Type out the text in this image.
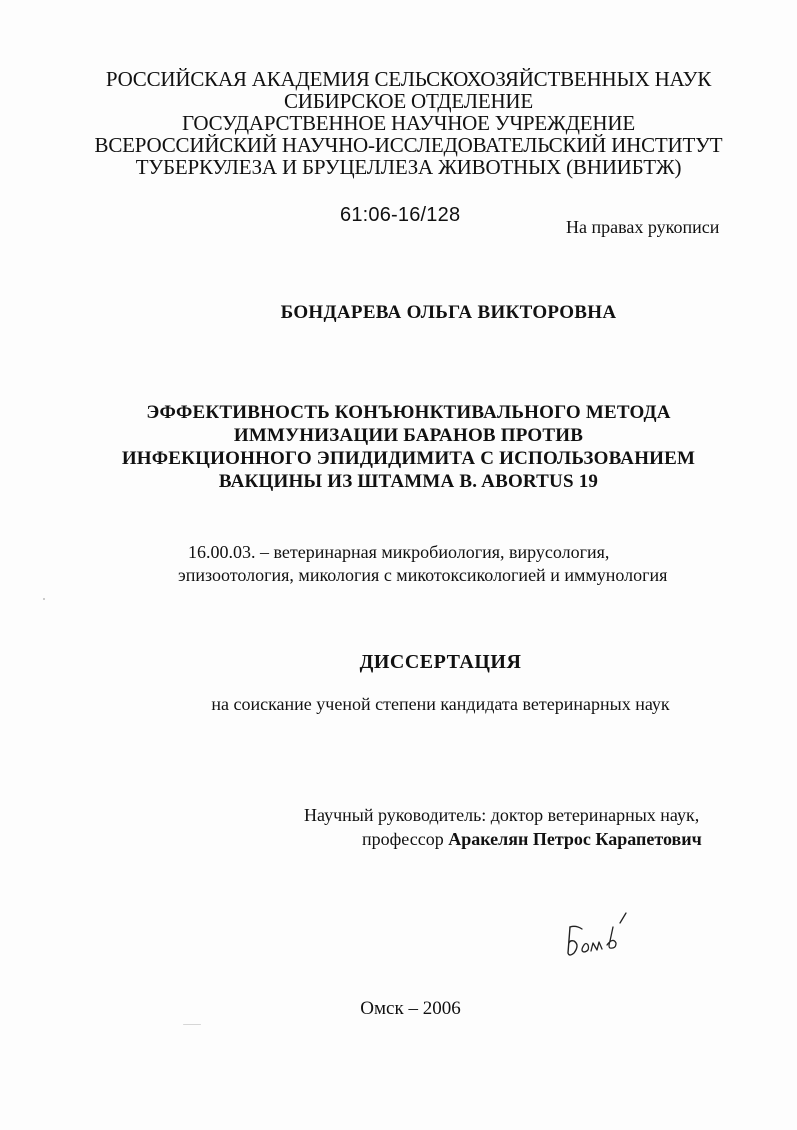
РОССИЙСКАЯ АКАДЕМИЯ СЕЛЬСКОХОЗЯЙСТВЕННЫХ НАУК
СИБИРСКОЕ ОТДЕЛЕНИЕ
ГОСУДАРСТВЕННОЕ НАУЧНОЕ УЧРЕЖДЕНИЕ
ВСЕРОССИЙСКИЙ НАУЧНО-ИССЛЕДОВАТЕЛЬСКИЙ ИНСТИТУТ
ТУБЕРКУЛЕЗА И БРУЦЕЛЛЕЗА ЖИВОТНЫХ (ВНИИБТЖ)
61:06-16/128
На правах рукописи
БОНДАРЕВА ОЛЬГА ВИКТОРОВНА
ЭФФЕКТИВНОСТЬ КОНЪЮНКТИВАЛЬНОГО МЕТОДА
ИММУНИЗАЦИИ БАРАНОВ ПРОТИВ
ИНФЕКЦИОННОГО ЭПИДИДИМИТА С ИСПОЛЬЗОВАНИЕМ
ВАКЦИНЫ ИЗ ШТАММА B. ABORTUS 19
16.00.03. – ветеринарная микробиология, вирусология,
эпизоотология, микология с микотоксикологией и иммунология
ДИССЕРТАЦИЯ
на соискание ученой степени кандидата ветеринарных наук
Научный руководитель: доктор ветеринарных наук,
профессор Аракелян Петрос Карапетович
Омск – 2006
